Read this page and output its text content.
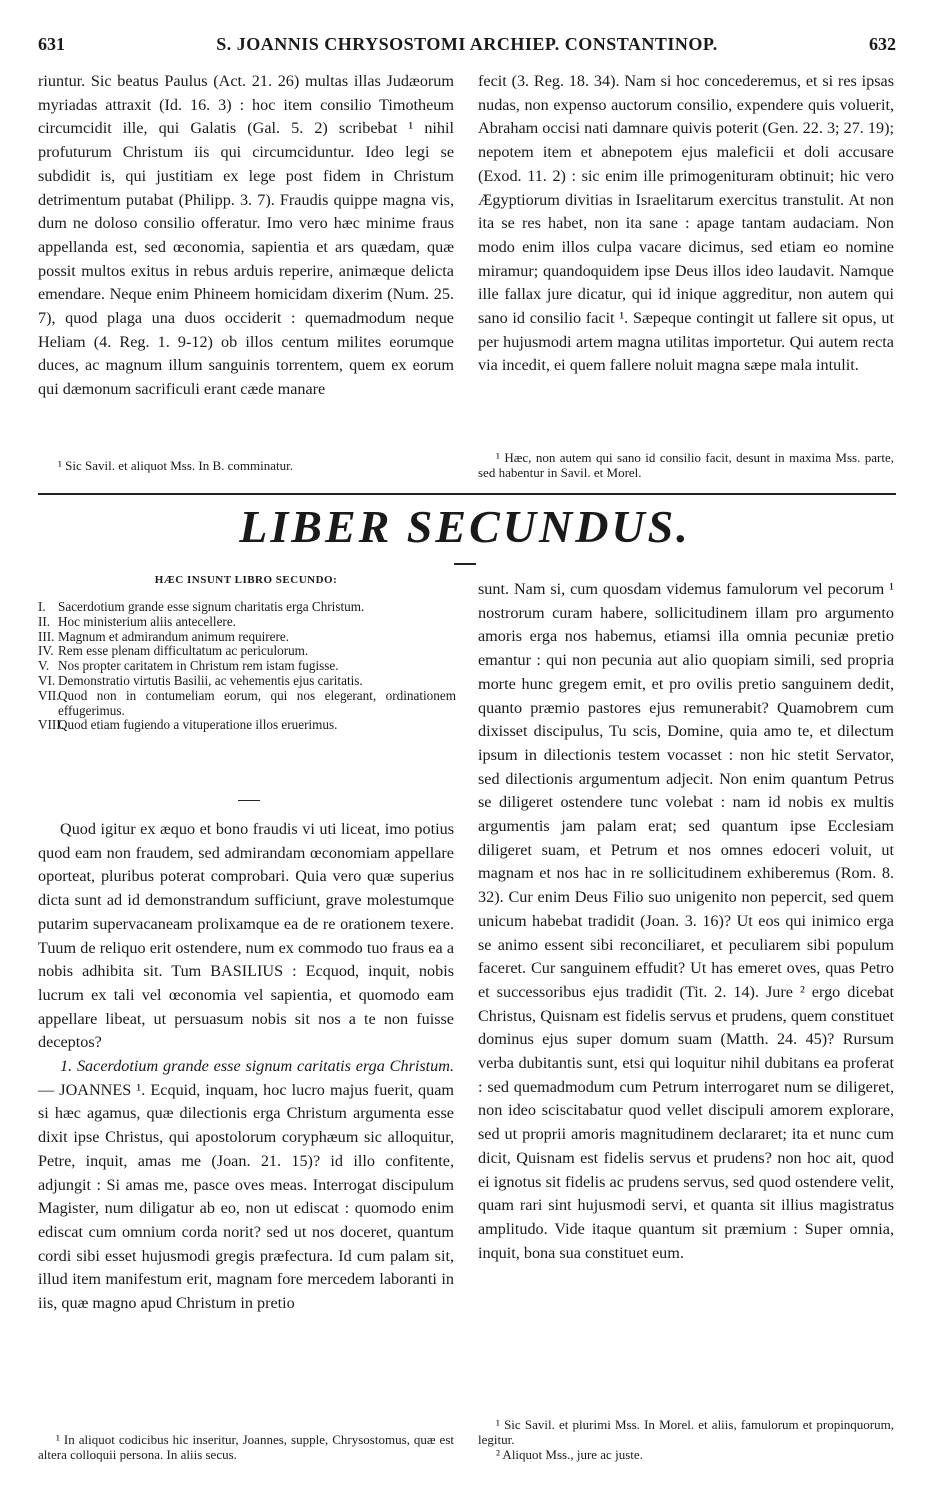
631	S. JOANNIS CHRYSOSTOMI ARCHIEP. CONSTANTINOP.	632

riuntur. Sic beatus Paulus (Act. 21. 26) multas illas Judæorum myriadas attraxit (Id. 16. 3) : hoc item consilio Timotheum circumcidit ille, qui Galatis (Gal. 5. 2) scribebat ¹ nihil profuturum Christum iis qui circumciduntur. Ideo legi se subdidit is, qui justitiam ex lege post fidem in Christum detrimentum putabat (Philipp. 3. 7). Fraudis quippe magna vis, dum ne doloso consilio offeratur. Imo vero hæc minime fraus appellanda est, sed œconomia, sapientia et ars quædam, quæ possit multos exitus in rebus arduis reperire, animæque delicta emendare. Neque enim Phineem homicidam dixerim (Num. 25. 7), quod plaga una duos occiderit : quemadmodum neque Heliam (4. Reg. 1. 9-12) ob illos centum milites eorumque duces, ac magnum illum sanguinis torrentem, quem ex eorum qui dæmonum sacrificuli erant cæde manare

¹ Sic Savil. et aliquot Mss. In B. comminatur.

fecit (3. Reg. 18. 34). Nam si hoc concederemus, et si res ipsas nudas, non expenso auctorum consilio, expendere quis voluerit, Abraham occisi nati damnare quivis poterit (Gen. 22. 3; 27. 19); nepotem item et abnepotem ejus maleficii et doli accusare (Exod. 11. 2) : sic enim ille primogenituram obtinuit; hic vero Ægyptiorum divitias in Israelitarum exercitus transtulit. At non ita se res habet, non ita sane : apage tantam audaciam. Non modo enim illos culpa vacare dicimus, sed etiam eo nomine miramur; quandoquidem ipse Deus illos ideo laudavit. Namque ille fallax jure dicatur, qui id inique aggreditur, non autem qui sano id consilio facit ¹. Sæpeque contingit ut fallere sit opus, ut per hujusmodi artem magna utilitas importetur. Qui autem recta via incedit, ei quem fallere noluit magna sæpe mala intulit.

¹ Hæc, non autem qui sano id consilio facit, desunt in maxima Mss. parte, sed habentur in Savil. et Morel.

LIBER SECUNDUS.
HÆC INSUNT LIBRO SECUNDO:
I. Sacerdotium grande esse signum charitatis erga Christum.
II. Hoc ministerium aliis antecellere.
III. Magnum et admirandum animum requirere.
IV. Rem esse plenam difficultatum ac periculorum.
V. Nos propter caritatem in Christum rem istam fugisse.
VI. Demonstratio virtutis Basilii, ac vehementis ejus caritatis.
VII.
Quod non in contumeliam eorum, qui nos elegerant, ordinationem effugerimus.
VIII.
Quod etiam fugiendo a vituperatione illos eruerimus.

Quod igitur ex æquo et bono fraudis vi uti liceat, imo potius quod eam non fraudem, sed admirandam œconomiam appellare oporteat, pluribus poterat comprobari. Quia vero quæ superius dicta sunt ad id demonstrandum sufficiunt, grave molestumque putarim supervacaneam prolixamque ea de re orationem texere. Tuum de reliquo erit ostendere, num ex commodo tuo fraus ea a nobis adhibita sit. Tum BASILIUS : Ecquod, inquit, nobis lucrum ex tali vel œconomia vel sapientia, et quomodo eam appellare libeat, ut persuasum nobis sit nos a te non fuisse deceptos?

1. Sacerdotium grande esse signum caritatis erga Christum. — JOANNES ¹. Ecquid, inquam, hoc lucro majus fuerit, quam si hæc agamus, quæ dilectionis erga Christum argumenta esse dixit ipse Christus, qui apostolorum coryphæum sic alloquitur, Petre, inquit, amas me (Joan. 21. 15)? id illo confitente, adjungit : Si amas me, pasce oves meas. Interrogat discipulum Magister, num diligatur ab eo, non ut ediscat : quomodo enim ediscat cum omnium corda norit? sed ut nos doceret, quantum cordi sibi esset hujusmodi gregis præfectura. Id cum palam sit, illud item manifestum erit, magnam fore mercedem laboranti in iis, quæ magno apud Christum in pretio

¹ In aliquot codicibus hic inseritur, Joannes, supple, Chrysostomus, quæ est altera colloquii persona. In aliis secus.

sunt. Nam si, cum quosdam videmus famulorum vel pecorum ¹ nostrorum curam habere, sollicitudinem illam pro argumento amoris erga nos habemus, etiamsi illa omnia pecuniæ pretio emantur : qui non pecunia aut alio quopiam simili, sed propria morte hunc gregem emit, et pro ovilis pretio sanguinem dedit, quanto præmio pastores ejus remunerabit? Quamobrem cum dixisset discipulus, Tu scis, Domine, quia amo te, et dilectum ipsum in dilectionis testem vocasset : non hic stetit Servator, sed dilectionis argumentum adjecit. Non enim quantum Petrus se diligeret ostendere tunc volebat : nam id nobis ex multis argumentis jam palam erat; sed quantum ipse Ecclesiam diligeret suam, et Petrum et nos omnes edoceri voluit, ut magnam et nos hac in re sollicitudinem exhiberemus (Rom. 8. 32). Cur enim Deus Filio suo unigenito non pepercit, sed quem unicum habebat tradidit (Joan. 3. 16)? Ut eos qui inimico erga se animo essent sibi reconciliaret, et peculiarem sibi populum faceret. Cur sanguinem effudit? Ut has emeret oves, quas Petro et successoribus ejus tradidit (Tit. 2. 14). Jure ² ergo dicebat Christus, Quisnam est fidelis servus et prudens, quem constituet dominus ejus super domum suam (Matth. 24. 45)? Rursum verba dubitantis sunt, etsi qui loquitur nihil dubitans ea proferat : sed quemadmodum cum Petrum interrogaret num se diligeret, non ideo sciscitabatur quod vellet discipuli amorem explorare, sed ut proprii amoris magnitudinem declararet; ita et nunc cum dicit, Quisnam est fidelis servus et prudens? non hoc ait, quod ei ignotus sit fidelis ac prudens servus, sed quod ostendere velit, quam rari sint hujusmodi servi, et quanta sit illius magistratus amplitudo. Vide itaque quantum sit præmium : Super omnia, inquit, bona sua constituet eum.

¹ Sic Savil. et plurimi Mss. In Morel. et aliis, famulorum et propinquorum, legitur.

² Aliquot Mss., jure ac juste.
